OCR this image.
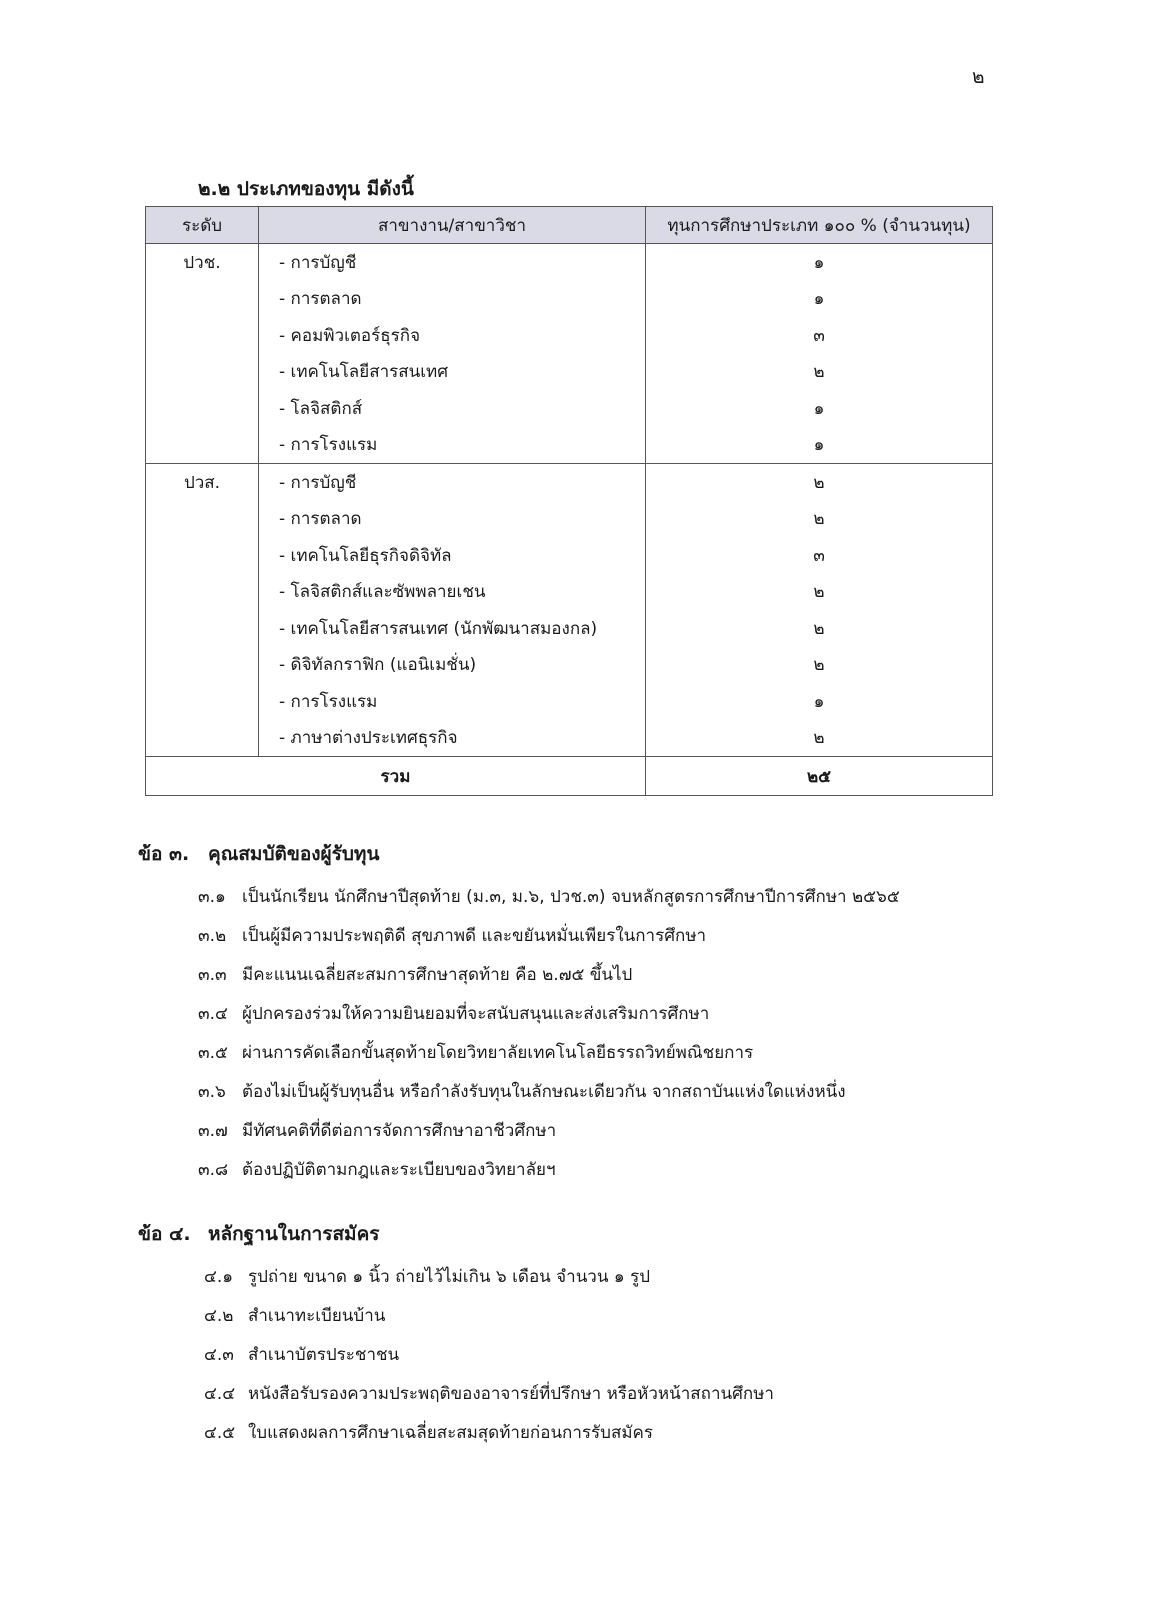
๒
๒.๒ ประเภทของทุน มีดังนี้
ระดับ	สาขางาน/สาขาวิชา	ทุนการศึกษาประเภท ๑๐๐ % (จำนวนทุน)
ปวช.	- การบัญชี	๑
	- การตลาด	๑
	- คอมพิวเตอร์ธุรกิจ	๓
	- เทคโนโลยีสารสนเทศ	๒
	- โลจิสติกส์	๑
	- การโรงแรม	๑
ปวส.	- การบัญชี	๒
	- การตลาด	๒
	- เทคโนโลยีธุรกิจดิจิทัล	๓
	- โลจิสติกส์และซัพพลายเชน	๒
	- เทคโนโลยีสารสนเทศ (นักพัฒนาสมองกล)	๒
	- ดิจิทัลกราฟิก (แอนิเมชั่น)	๒
	- การโรงแรม	๑
	- ภาษาต่างประเทศธุรกิจ	๒
รวม		๒๕
ข้อ ๓. คุณสมบัติของผู้รับทุน
๓.๑ เป็นนักเรียน นักศึกษาปีสุดท้าย (ม.๓, ม.๖, ปวช.๓) จบหลักสูตรการศึกษาปีการศึกษา ๒๕๖๕
๓.๒ เป็นผู้มีความประพฤติดี สุขภาพดี และขยันหมั่นเพียรในการศึกษา
๓.๓ มีคะแนนเฉลี่ยสะสมการศึกษาสุดท้าย คือ ๒.๗๕ ขึ้นไป
๓.๔ ผู้ปกครองร่วมให้ความยินยอมที่จะสนับสนุนและส่งเสริมการศึกษา
๓.๕ ผ่านการคัดเลือกขั้นสุดท้ายโดยวิทยาลัยเทคโนโลยีธรรถวิทย์พณิชยการ
๓.๖ ต้องไม่เป็นผู้รับทุนอื่น หรือกำลังรับทุนในลักษณะเดียวกัน จากสถาบันแห่งใดแห่งหนึ่ง
๓.๗ มีทัศนคติที่ดีต่อการจัดการศึกษาอาชีวศึกษา
๓.๘ ต้องปฏิบัติตามกฎและระเบียบของวิทยาลัยฯ
ข้อ ๔. หลักฐานในการสมัคร
๔.๑ รูปถ่าย ขนาด ๑ นิ้ว ถ่ายไว้ไม่เกิน ๖ เดือน จำนวน ๑ รูป
๔.๒ สำเนาทะเบียนบ้าน
๔.๓ สำเนาบัตรประชาชน
๔.๔ หนังสือรับรองความประพฤติของอาจารย์ที่ปรึกษา หรือหัวหน้าสถานศึกษา
๔.๕ ใบแสดงผลการศึกษาเฉลี่ยสะสมสุดท้ายก่อนการรับสมัคร
